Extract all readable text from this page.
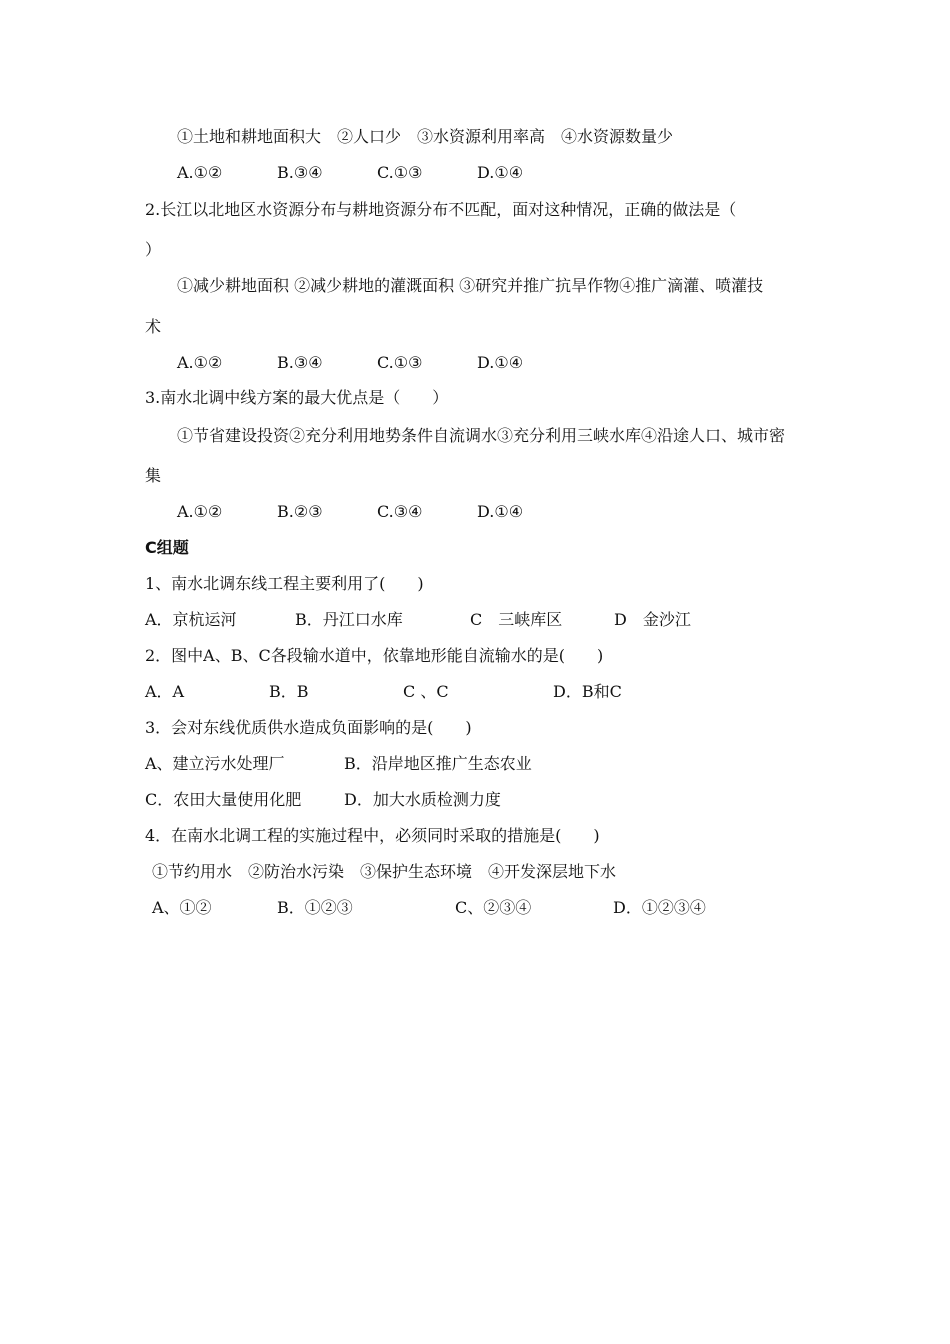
①土地和耕地面积大　②人口少　③水资源利用率高　④水资源数量少
A.①②	B.③④	C.①③	D.①④
2.长江以北地区水资源分布与耕地资源分布不匹配，面对这种情况，正确的做法是（
）
①减少耕地面积 ②减少耕地的灌溉面积 ③研究并推广抗旱作物④推广滴灌、喷灌技
术
A.①②	B.③④	C.①③	D.①④
3.南水北调中线方案的最大优点是（　　）
①节省建设投资②充分利用地势条件自流调水③充分利用三峡水库④沿途人口、城市密
集
A.①②	B.②③	C.③④	D.①④
C组题
1、南水北调东线工程主要利用了(　　)
A．京杭运河	B．丹江口水库	C　三峡库区	D　金沙江
2．图中A、B、C各段输水道中，依靠地形能自流输水的是(　　)
A．A	B．B	C 、C	D．B和C
3．会对东线优质供水造成负面影响的是(　　)
A、建立污水处理厂	B．沿岸地区推广生态农业
C．农田大量使用化肥	D．加大水质检测力度
4．在南水北调工程的实施过程中，必须同时采取的措施是(　　)
①节约用水　②防治水污染　③保护生态环境　④开发深层地下水
A、①②	B．①②③	C、②③④	D．①②③④
